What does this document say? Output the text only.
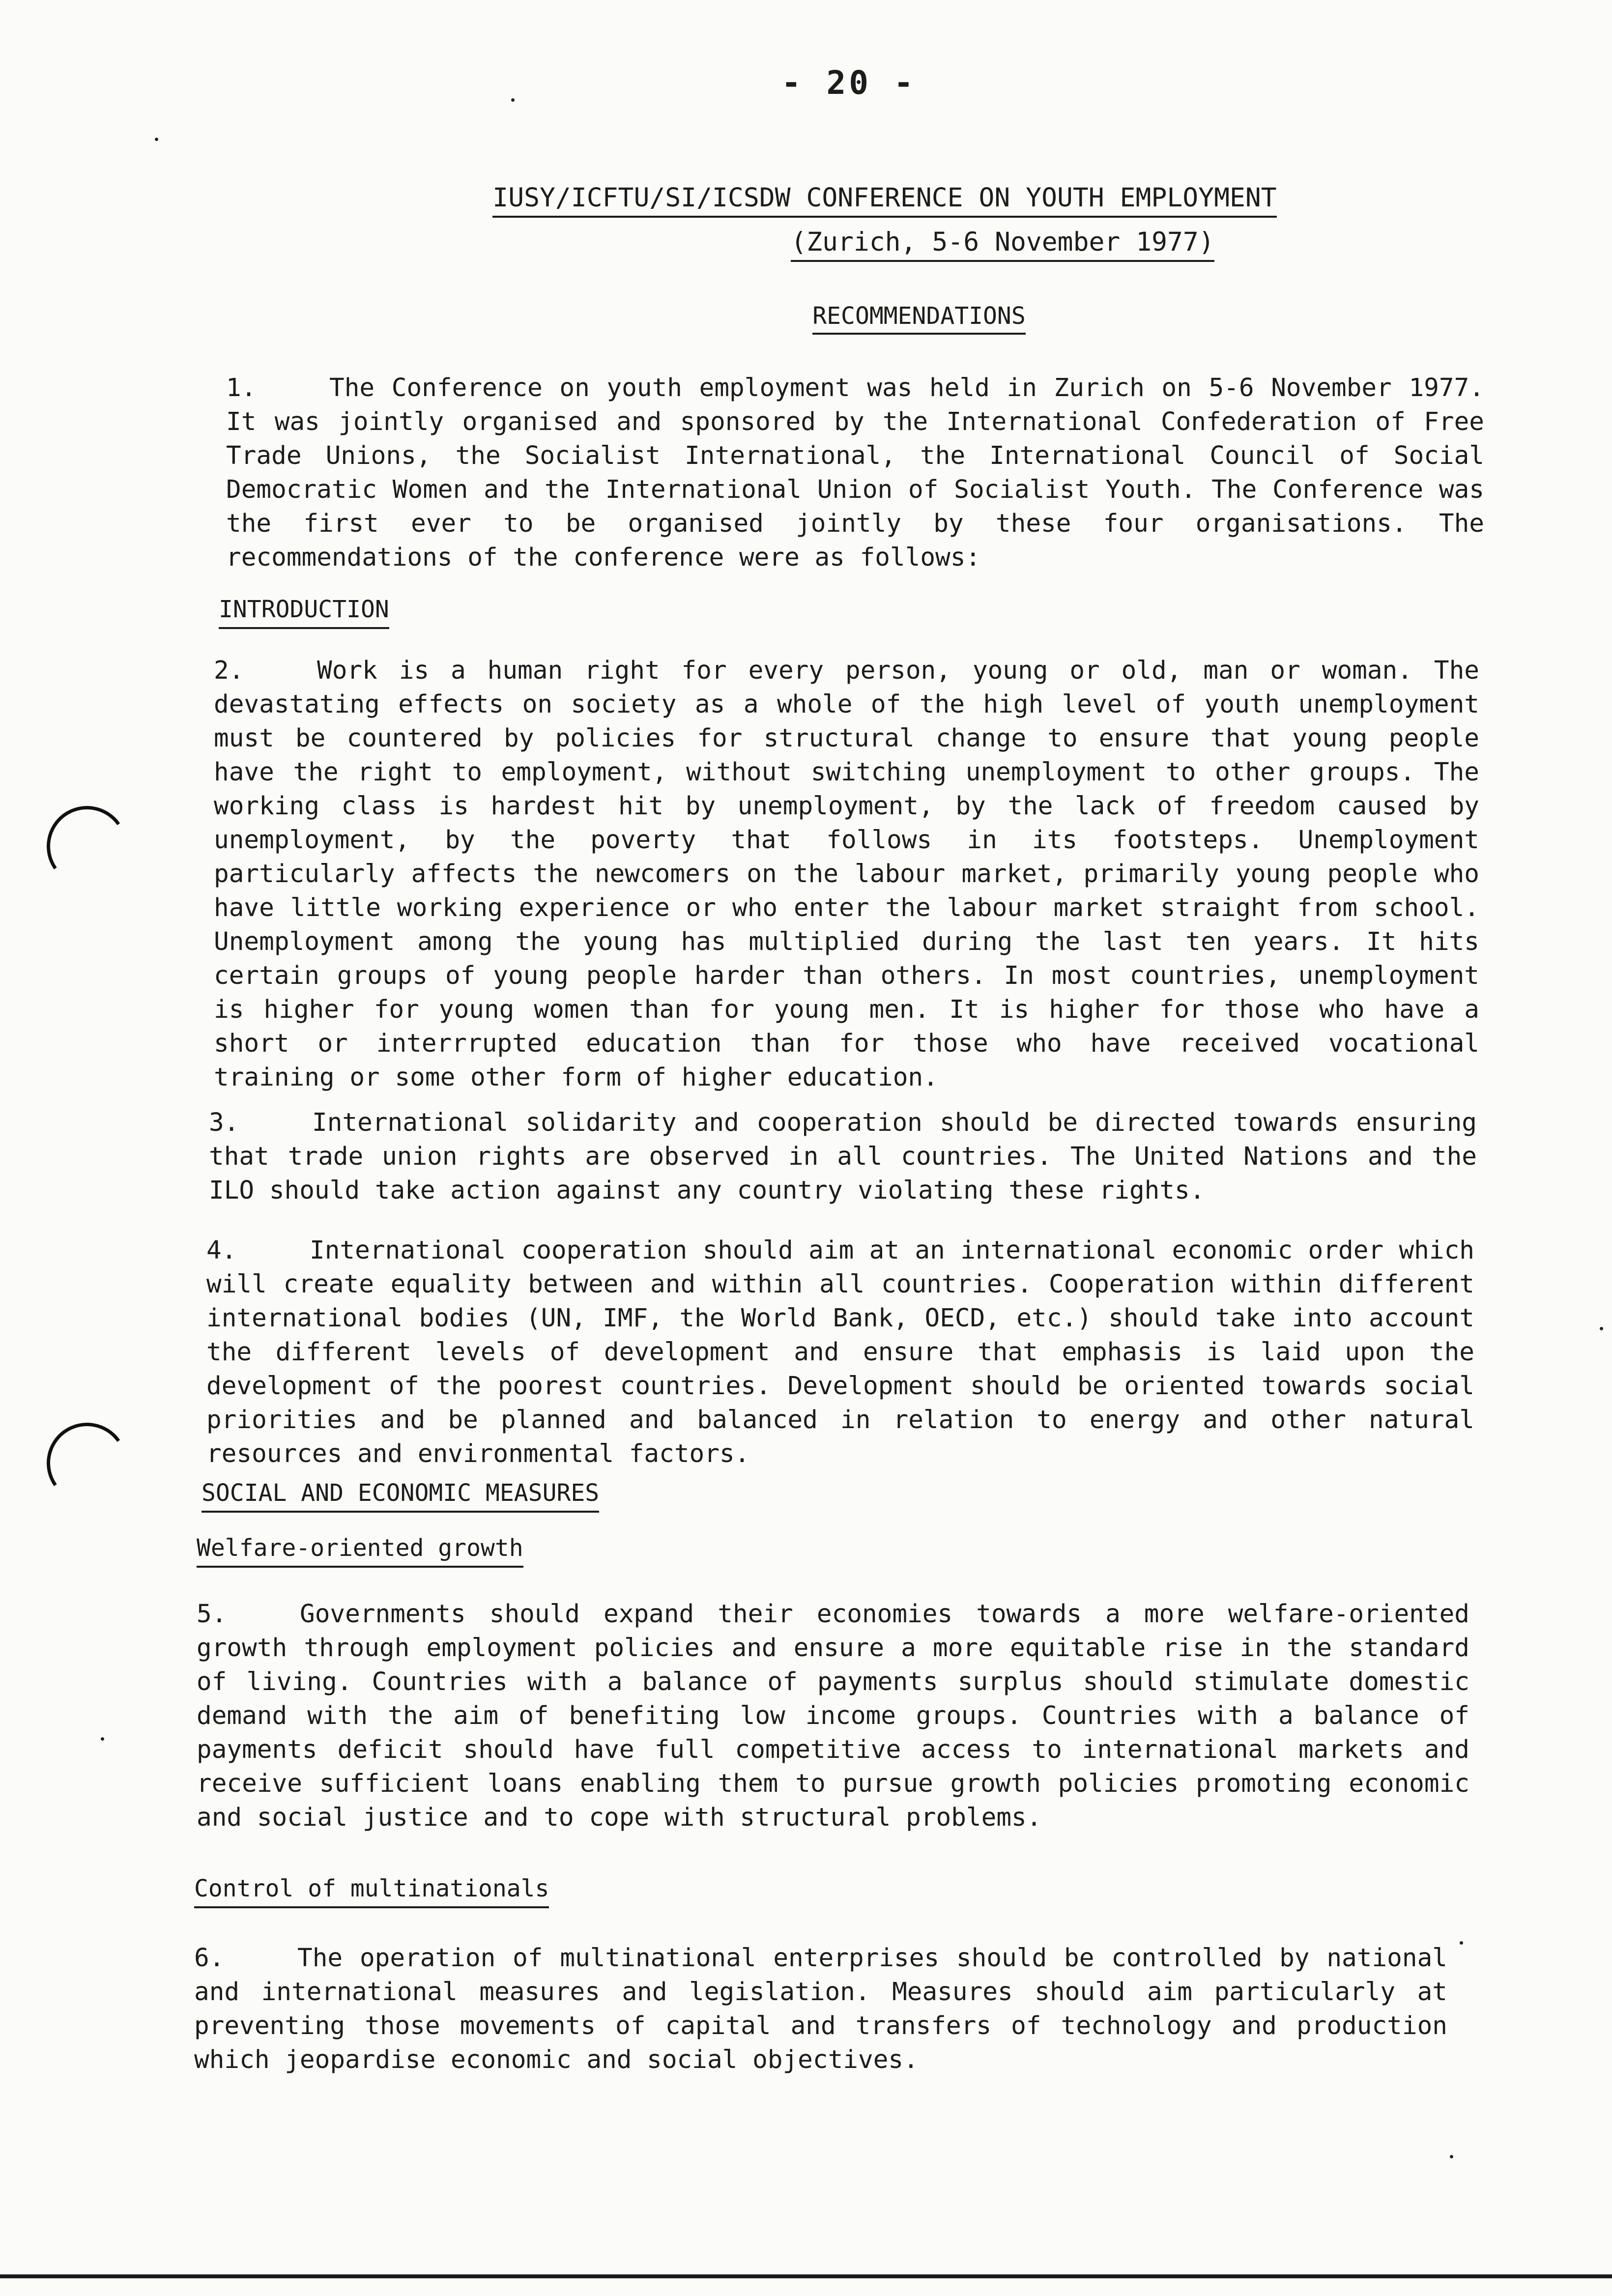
- 20 -
IUSY/ICFTU/SI/ICSDW CONFERENCE ON YOUTH EMPLOYMENT
(Zurich, 5-6 November 1977)
RECOMMENDATIONS

1.	The Conference on youth employment was held in Zurich on 5-6 November 1977. It was jointly organised and sponsored by the International Confederation of Free Trade Unions, the Socialist International, the International Council of Social Democratic Women and the International Union of Socialist Youth. The Conference was the first ever to be organised jointly by these four organisations. The recommendations of the conference were as follows:

INTRODUCTION

2.	Work is a human right for every person, young or old, man or woman. The devastating effects on society as a whole of the high level of youth unemployment must be countered by policies for structural change to ensure that young people have the right to employment, without switching unemployment to other groups. The working class is hardest hit by unemployment, by the lack of freedom caused by unemployment, by the poverty that follows in its footsteps. Unemployment particularly affects the newcomers on the labour market, primarily young people who have little working experience or who enter the labour market straight from school. Unemployment among the young has multiplied during the last ten years. It hits certain groups of young people harder than others. In most countries, unemployment is higher for young women than for young men. It is higher for those who have a short or interrrupted education than for those who have received vocational training or some other form of higher education.

3.	International solidarity and cooperation should be directed towards ensuring that trade union rights are observed in all countries. The United Nations and the ILO should take action against any country violating these rights.

4.	International cooperation should aim at an international economic order which will create equality between and within all countries. Cooperation within different international bodies (UN, IMF, the World Bank, OECD, etc.) should take into account the different levels of development and ensure that emphasis is laid upon the development of the poorest countries. Development should be oriented towards social priorities and be planned and balanced in relation to energy and other natural resources and environmental factors.

SOCIAL AND ECONOMIC MEASURES
Welfare-oriented growth

5.	Governments should expand their economies towards a more welfare-oriented growth through employment policies and ensure a more equitable rise in the standard of living. Countries with a balance of payments surplus should stimulate domestic demand with the aim of benefiting low income groups. Countries with a balance of payments deficit should have full competitive access to international markets and receive sufficient loans enabling them to pursue growth policies promoting economic and social justice and to cope with structural problems.

Control of multinationals

6.	The operation of multinational enterprises should be controlled by national and international measures and legislation. Measures should aim particularly at preventing those movements of capital and transfers of technology and production which jeopardise economic and social objectives.
